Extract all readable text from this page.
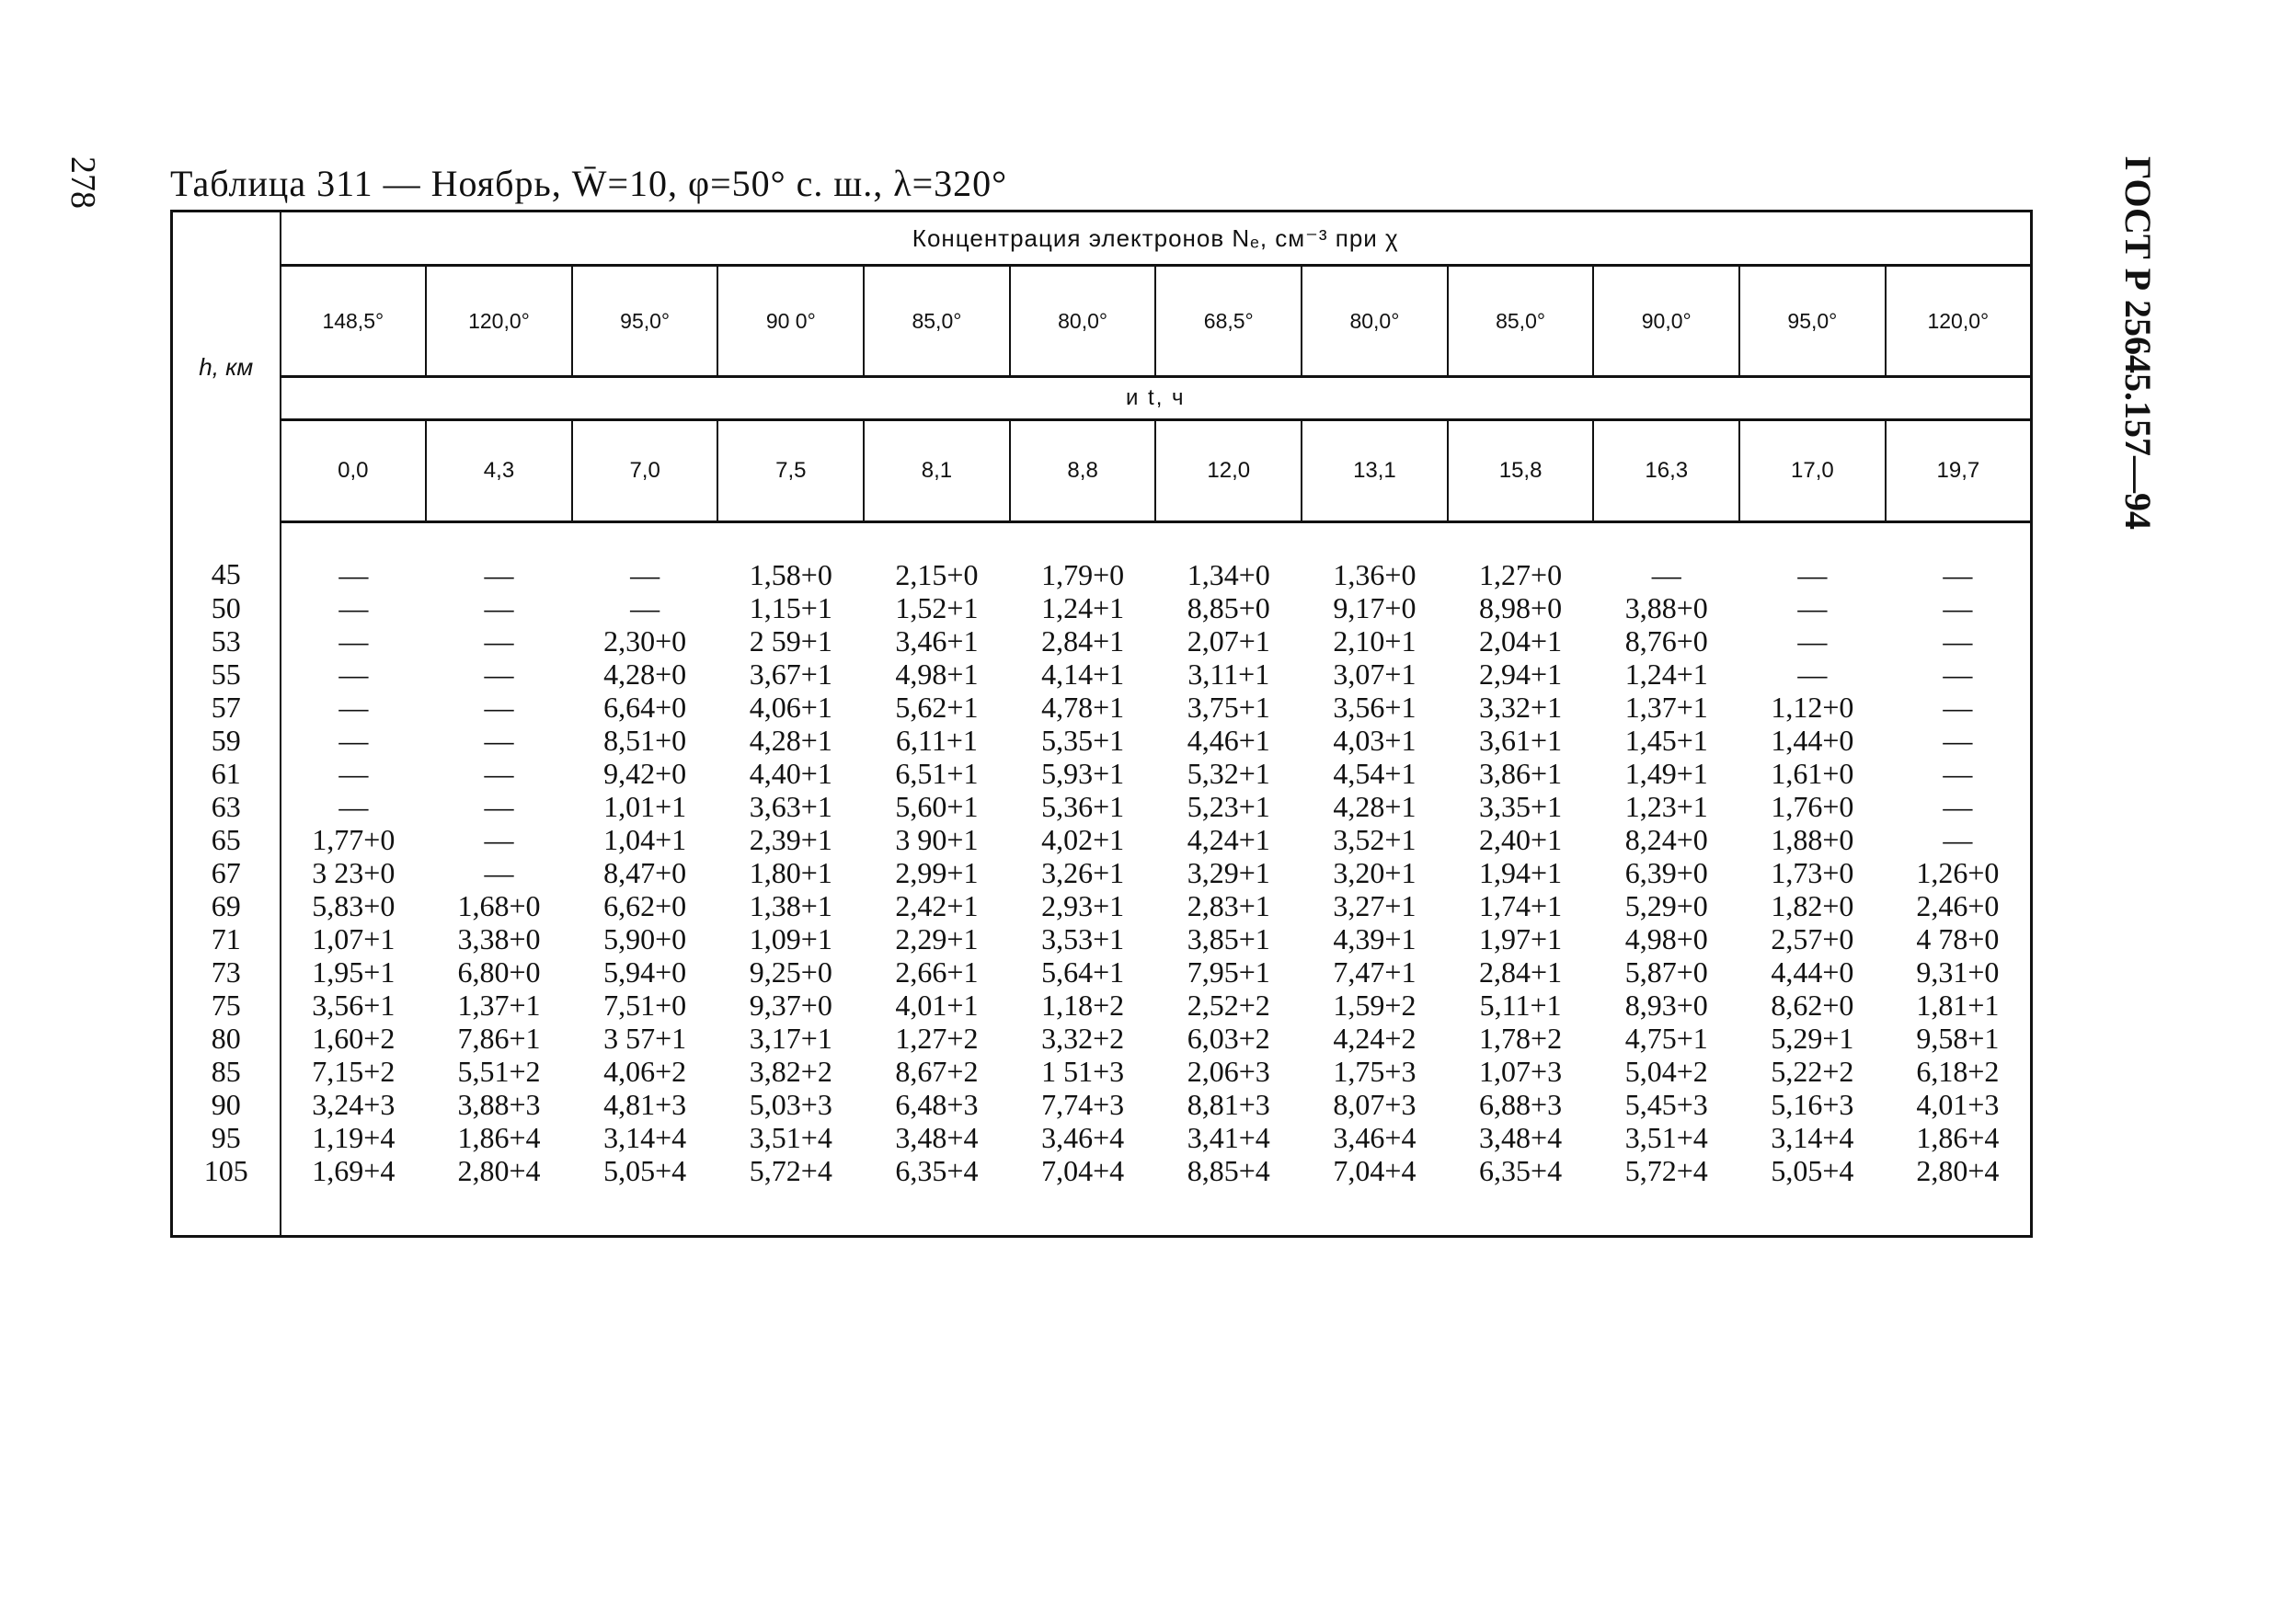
278	ГОСТ Р 25645.157—94
Таблица 311 — Ноябрь, W̄=10, φ=50° с. ш., λ=320°
h, км	Концентрация электронов Nₑ, см⁻³ при χ											
	148,5°	120,0°	95,0°	90 0°	85,0°	80,0°	68,5°	80,0°	85,0°	90,0°	95,0°	120,0°
	и t, ч											
	0,0	4,3	7,0	7,5	8,1	8,8	12,0	13,1	15,8	16,3	17,0	19,7
45	—	—	—	1,58+0	2,15+0	1,79+0	1,34+0	1,36+0	1,27+0	—	—	—
50	—	—	—	1,15+1	1,52+1	1,24+1	8,85+0	9,17+0	8,98+0	3,88+0	—	—
53	—	—	2,30+0	2 59+1	3,46+1	2,84+1	2,07+1	2,10+1	2,04+1	8,76+0	—	—
55	—	—	4,28+0	3,67+1	4,98+1	4,14+1	3,11+1	3,07+1	2,94+1	1,24+1	—	—
57	—	—	6,64+0	4,06+1	5,62+1	4,78+1	3,75+1	3,56+1	3,32+1	1,37+1	1,12+0	—
59	—	—	8,51+0	4,28+1	6,11+1	5,35+1	4,46+1	4,03+1	3,61+1	1,45+1	1,44+0	—
61	—	—	9,42+0	4,40+1	6,51+1	5,93+1	5,32+1	4,54+1	3,86+1	1,49+1	1,61+0	—
63	—	—	1,01+1	3,63+1	5,60+1	5,36+1	5,23+1	4,28+1	3,35+1	1,23+1	1,76+0	—
65	1,77+0	—	1,04+1	2,39+1	3 90+1	4,02+1	4,24+1	3,52+1	2,40+1	8,24+0	1,88+0	—
67	3 23+0	—	8,47+0	1,80+1	2,99+1	3,26+1	3,29+1	3,20+1	1,94+1	6,39+0	1,73+0	1,26+0
69	5,83+0	1,68+0	6,62+0	1,38+1	2,42+1	2,93+1	2,83+1	3,27+1	1,74+1	5,29+0	1,82+0	2,46+0
71	1,07+1	3,38+0	5,90+0	1,09+1	2,29+1	3,53+1	3,85+1	4,39+1	1,97+1	4,98+0	2,57+0	4 78+0
73	1,95+1	6,80+0	5,94+0	9,25+0	2,66+1	5,64+1	7,95+1	7,47+1	2,84+1	5,87+0	4,44+0	9,31+0
75	3,56+1	1,37+1	7,51+0	9,37+0	4,01+1	1,18+2	2,52+2	1,59+2	5,11+1	8,93+0	8,62+0	1,81+1
80	1,60+2	7,86+1	3 57+1	3,17+1	1,27+2	3,32+2	6,03+2	4,24+2	1,78+2	4,75+1	5,29+1	9,58+1
85	7,15+2	5,51+2	4,06+2	3,82+2	8,67+2	1 51+3	2,06+3	1,75+3	1,07+3	5,04+2	5,22+2	6,18+2
90	3,24+3	3,88+3	4,81+3	5,03+3	6,48+3	7,74+3	8,81+3	8,07+3	6,88+3	5,45+3	5,16+3	4,01+3
95	1,19+4	1,86+4	3,14+4	3,51+4	3,48+4	3,46+4	3,41+4	3,46+4	3,48+4	3,51+4	3,14+4	1,86+4
105	1,69+4	2,80+4	5,05+4	5,72+4	6,35+4	7,04+4	8,85+4	7,04+4	6,35+4	5,72+4	5,05+4	2,80+4
